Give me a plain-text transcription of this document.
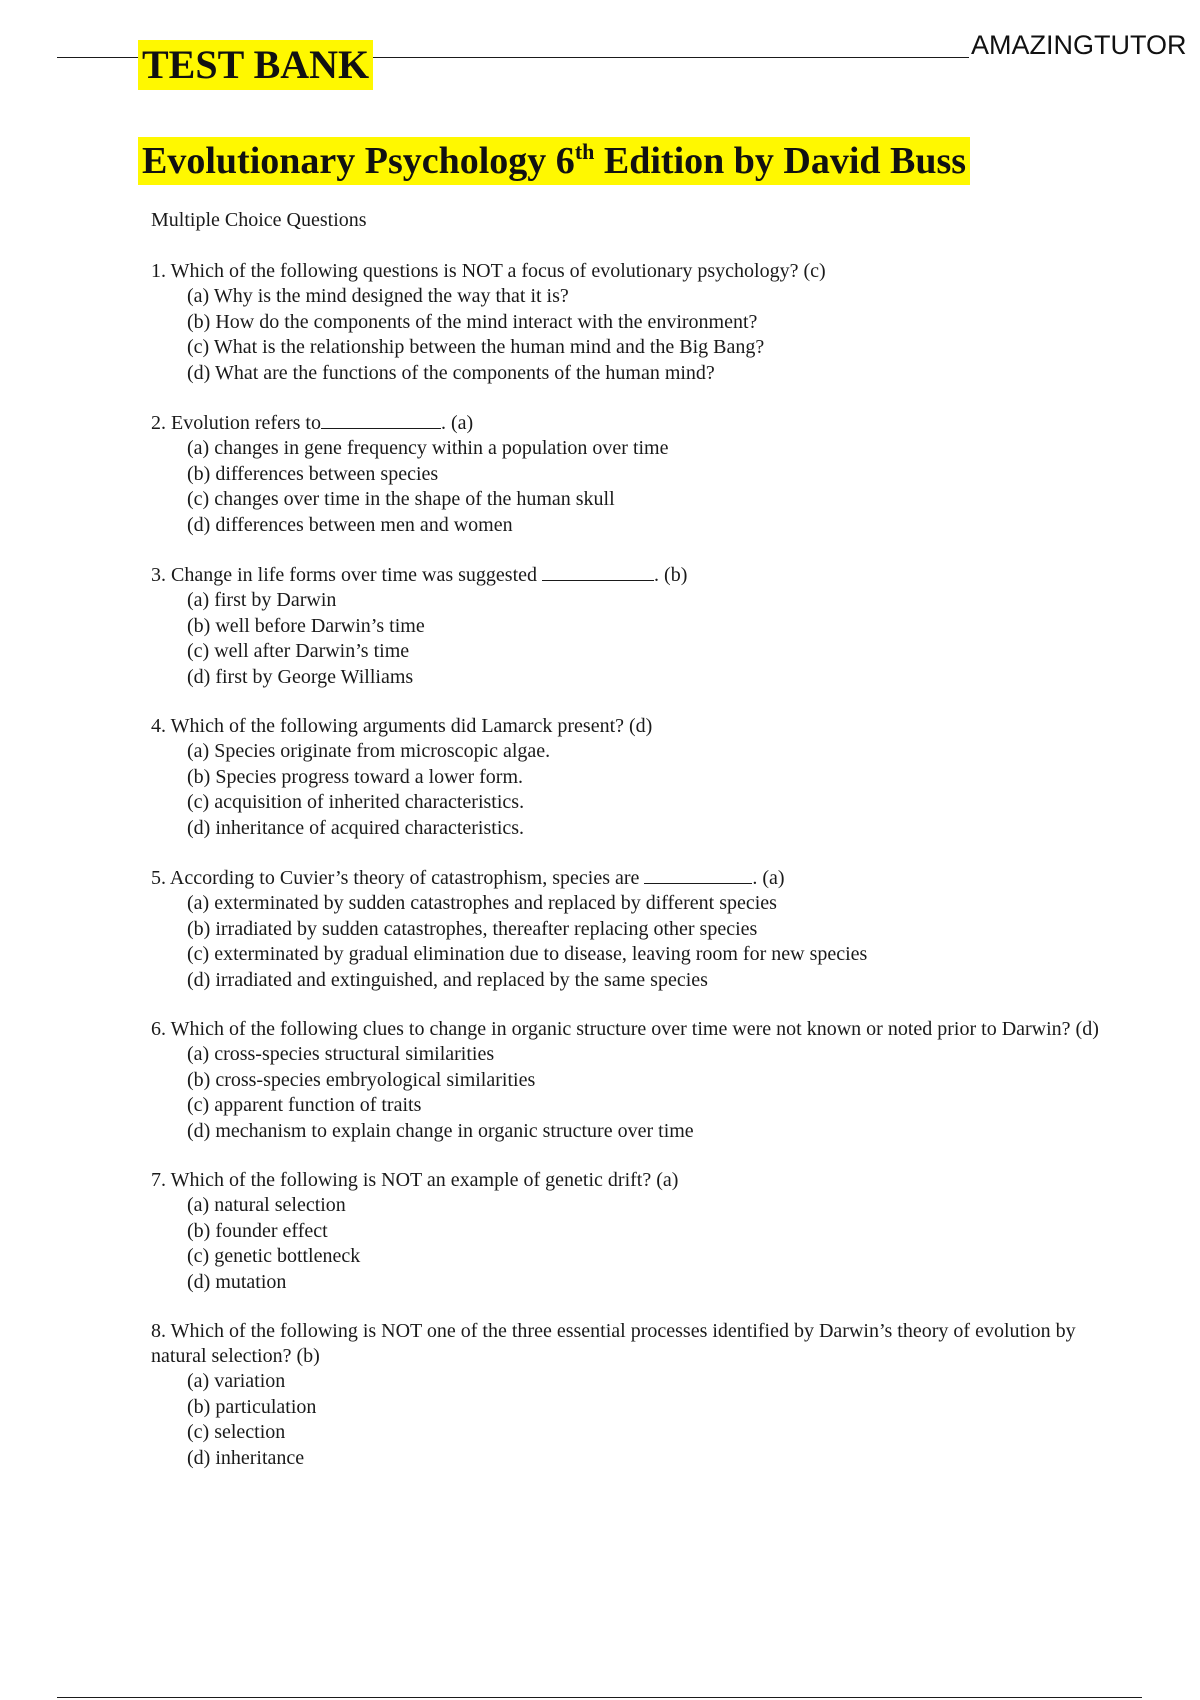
AMAZINGTUTOR
TEST BANK
Evolutionary Psychology 6th Edition by David Buss
Multiple Choice Questions
1. Which of the following questions is NOT a focus of evolutionary psychology? (c)
(a) Why is the mind designed the way that it is?
(b) How do the components of the mind interact with the environment?
(c) What is the relationship between the human mind and the Big Bang?
(d) What are the functions of the components of the human mind?
2. Evolution refers to	. (a)
(a) changes in gene frequency within a population over time
(b) differences between species
(c) changes over time in the shape of the human skull
(d) differences between men and women
3. Change in life forms over time was suggested	. (b)
(a) first by Darwin
(b) well before Darwin’s time
(c) well after Darwin’s time
(d) first by George Williams
4. Which of the following arguments did Lamarck present? (d)
(a) Species originate from microscopic algae.
(b) Species progress toward a lower form.
(c) acquisition of inherited characteristics.
(d) inheritance of acquired characteristics.
5. According to Cuvier’s theory of catastrophism, species are	. (a)
(a) exterminated by sudden catastrophes and replaced by different species
(b) irradiated by sudden catastrophes, thereafter replacing other species
(c) exterminated by gradual elimination due to disease, leaving room for new species
(d) irradiated and extinguished, and replaced by the same species
6. Which of the following clues to change in organic structure over time were not known or noted prior to Darwin? (d)
(a) cross-species structural similarities
(b) cross-species embryological similarities
(c) apparent function of traits
(d) mechanism to explain change in organic structure over time
7. Which of the following is NOT an example of genetic drift? (a)
(a) natural selection
(b) founder effect
(c) genetic bottleneck
(d) mutation
8. Which of the following is NOT one of the three essential processes identified by Darwin’s theory of evolution by natural selection? (b)
(a) variation
(b) particulation
(c) selection
(d) inheritance
